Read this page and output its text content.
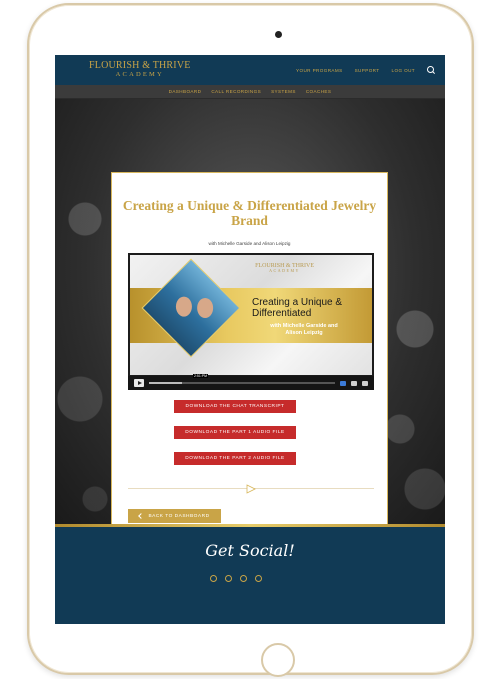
FLOURISH & THRIVE
ACADEMY
YOUR PROGRAMS	SUPPORT	LOG OUT
DASHBOARD CALL RECORDINGS SYSTEMS COACHES
Creating a Unique & Differentiated Jewelry Brand

with Michelle Garside and Alison Leipzig

FLOURISH & THRIVE
ACADEMY
Creating a Unique & Differentiated
with Michelle Garside and Alison Leipzig
2:51:PM
DOWNLOAD THE CHAT TRANSCRIPT
DOWNLOAD THE PART 1 AUDIO FILE
DOWNLOAD THE PART 2 AUDIO FILE
BACK TO DASHBOARD
Get Social!
